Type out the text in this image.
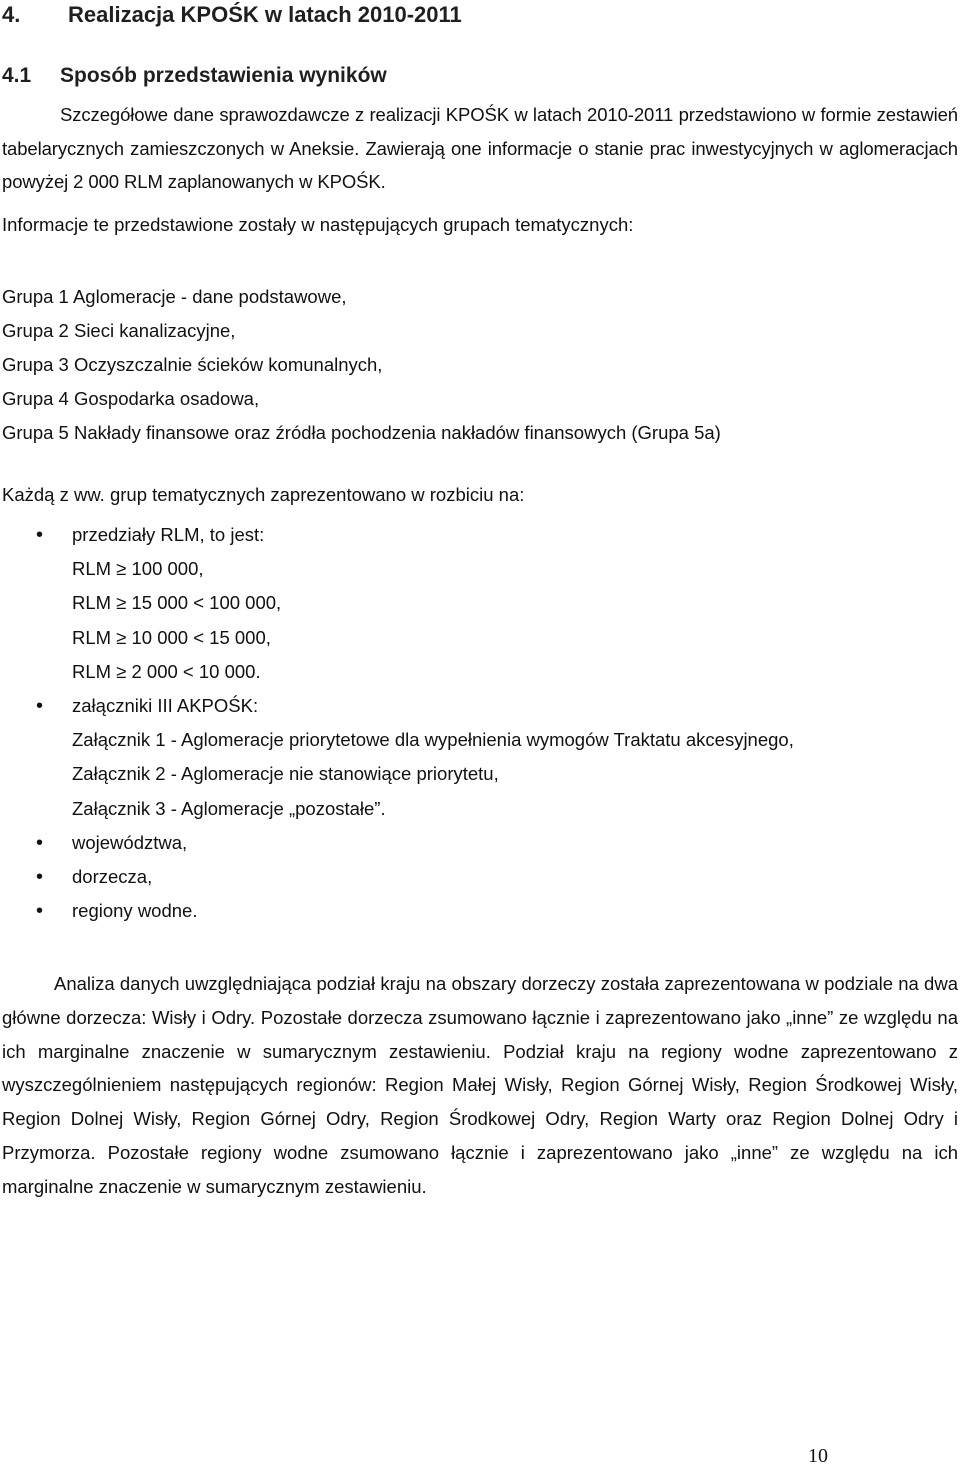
4. Realizacja KPOŚK w latach 2010-2011
4.1 Sposób przedstawienia wyników
Szczegółowe dane sprawozdawcze z realizacji KPOŚK w latach 2010-2011 przedstawiono w formie zestawień tabelarycznych zamieszczonych w Aneksie. Zawierają one informacje o stanie prac inwestycyjnych w aglomeracjach powyżej 2 000 RLM zaplanowanych w KPOŚK.
Informacje te przedstawione zostały w następujących grupach tematycznych:
Grupa 1 Aglomeracje - dane podstawowe,
Grupa 2 Sieci kanalizacyjne,
Grupa 3 Oczyszczalnie ścieków komunalnych,
Grupa 4 Gospodarka osadowa,
Grupa 5 Nakłady finansowe oraz źródła pochodzenia nakładów finansowych (Grupa 5a)
Każdą z ww. grup tematycznych zaprezentowano w rozbiciu na:
• przedziały RLM, to jest:
RLM ≥ 100 000,
RLM ≥ 15 000 < 100 000,
RLM ≥ 10 000 < 15 000,
RLM ≥ 2 000 < 10 000.
• załączniki III AKPOŚK:
Załącznik 1 - Aglomeracje priorytetowe dla wypełnienia wymogów Traktatu akcesyjnego,
Załącznik 2 - Aglomeracje nie stanowiące priorytetu,
Załącznik 3 - Aglomeracje „pozostałe”.
• województwa,
• dorzecza,
• regiony wodne.
Analiza danych uwzględniająca podział kraju na obszary dorzeczy została zaprezentowana w podziale na dwa główne dorzecza: Wisły i Odry. Pozostałe dorzecza zsumowano łącznie i zaprezentowano jako „inne” ze względu na ich marginalne znaczenie w sumarycznym zestawieniu. Podział kraju na regiony wodne zaprezentowano z wyszczególnieniem następujących regionów: Region Małej Wisły, Region Górnej Wisły, Region Środkowej Wisły, Region Dolnej Wisły, Region Górnej Odry, Region Środkowej Odry, Region Warty oraz Region Dolnej Odry i Przymorza. Pozostałe regiony wodne zsumowano łącznie i zaprezentowano jako „inne” ze względu na ich marginalne znaczenie w sumarycznym zestawieniu.
10
